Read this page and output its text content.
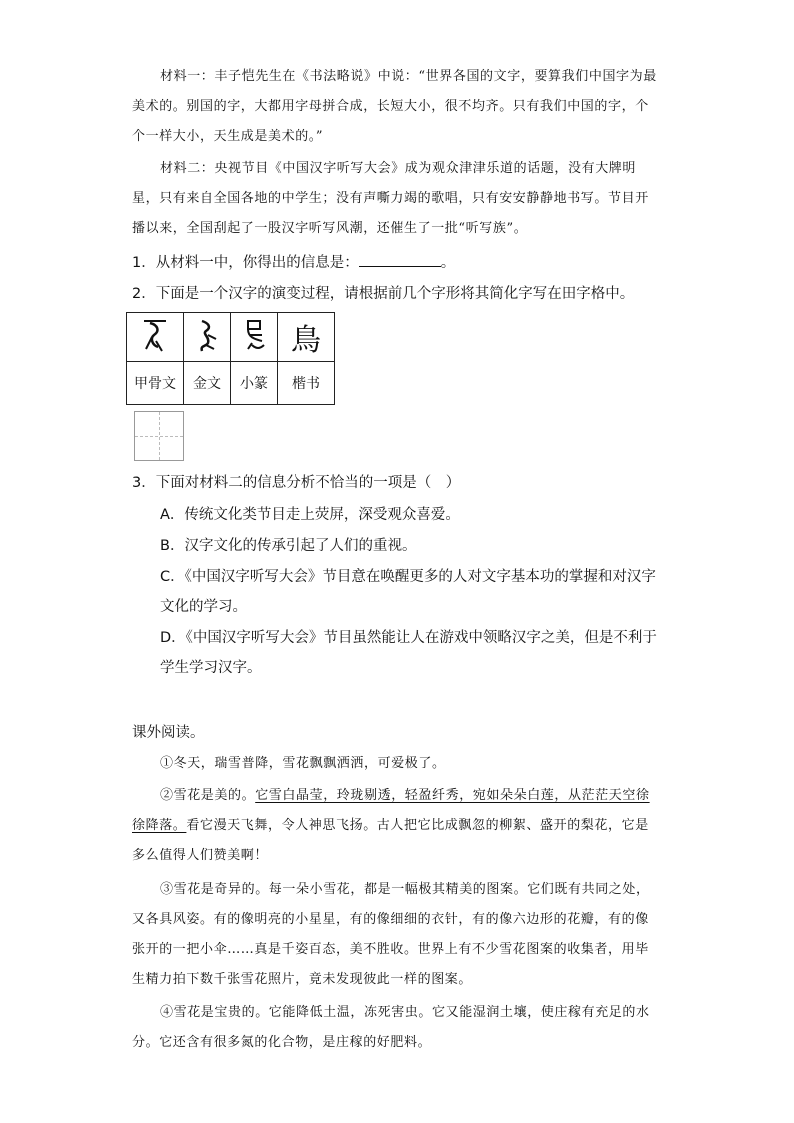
材料一：丰子恺先生在《书法略说》中说：“世界各国的文字，要算我们中国字为最美术的。别国的字，大都用字母拼合成，长短大小，很不均齐。只有我们中国的字，个个一样大小，天生成是美术的。”

材料二：央视节目《中国汉字听写大会》成为观众津津乐道的话题，没有大牌明星，只有来自全国各地的中学生；没有声嘶力竭的歌唱，只有安安静静地书写。节目开播以来，全国刮起了一股汉字听写风潮，还催生了一批“听写族”。

1．从材料一中，你得出的信息是：	。

2．下面是一个汉字的演变过程，请根据前几个字形将其简化字写在田字格中。

			鳥
甲骨文	金文	小篆	楷书

3．下面对材料二的信息分析不恰当的一项是（　）

A．传统文化类节目走上荧屏，深受观众喜爱。

B．汉字文化的传承引起了人们的重视。

C．《中国汉字听写大会》节目意在唤醒更多的人对文字基本功的掌握和对汉字文化的学习。

D．《中国汉字听写大会》节目虽然能让人在游戏中领略汉字之美，但是不利于学生学习汉字。

课外阅读。

①冬天，瑞雪普降，雪花飘飘洒洒，可爱极了。

②雪花是美的。它雪白晶莹，玲珑剔透，轻盈纤秀，宛如朵朵白莲，从茫茫天空徐徐降落。看它漫天飞舞，令人神思飞扬。古人把它比成飘忽的柳絮、盛开的梨花，它是多么值得人们赞美啊！

③雪花是奇异的。每一朵小雪花，都是一幅极其精美的图案。它们既有共同之处，又各具风姿。有的像明亮的小星星，有的像细细的衣针，有的像六边形的花瓣，有的像张开的一把小伞……真是千姿百态，美不胜收。世界上有不少雪花图案的收集者，用毕生精力拍下数千张雪花照片，竟未发现彼此一样的图案。

④雪花是宝贵的。它能降低土温，冻死害虫。它又能湿润土壤，使庄稼有充足的水分。它还含有很多氮的化合物，是庄稼的好肥料。
